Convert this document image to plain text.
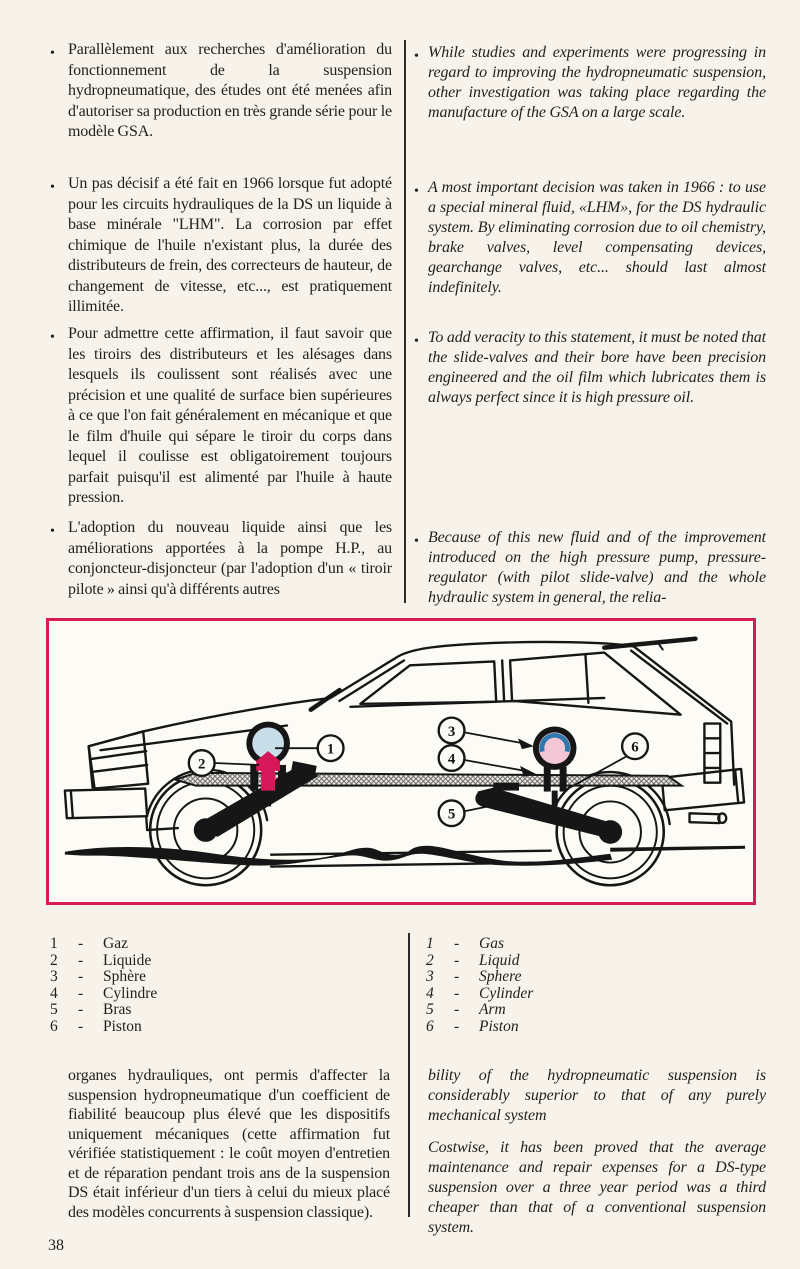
• Parallèlement aux recherches d'amélioration du fonctionnement de la suspension hydropneumatique, des études ont été menées afin d'autoriser sa production en très grande série pour le modèle GSA.

• Un pas décisif a été fait en 1966 lorsque fut adopté pour les circuits hydrauliques de la DS un liquide à base minérale "LHM". La corrosion par effet chimique de l'huile n'existant plus, la durée des distributeurs de frein, des correcteurs de hauteur, de changement de vitesse, etc..., est pratiquement illimitée.

• Pour admettre cette affirmation, il faut savoir que les tiroirs des distributeurs et les alésages dans lesquels ils coulissent sont réalisés avec une précision et une qualité de surface bien supérieures à ce que l'on fait généralement en mécanique et que le film d'huile qui sépare le tiroir du corps dans lequel il coulisse est obligatoirement toujours parfait puisqu'il est alimenté par l'huile à haute pression.

• L'adoption du nouveau liquide ainsi que les améliorations apportées à la pompe H.P., au conjoncteur-disjoncteur (par l'adoption d'un « tiroir pilote » ainsi qu'à différents autres

• While studies and experiments were progressing in regard to improving the hydropneumatic suspension, other investigation was taking place regarding the manufacture of the GSA on a large scale.

• A most important decision was taken in 1966 : to use a special mineral fluid, «LHM», for the DS hydraulic system. By eliminating corrosion due to oil chemistry, brake valves, level compensating devices, gearchange valves, etc... should last almost indefinitely.

• To add veracity to this statement, it must be noted that the slide-valves and their bore have been precision engineered and the oil film which lubricates them is always perfect since it is high pressure oil.

• Because of this new fluid and of the improvement introduced on the high pressure pump, pressure-regulator (with pilot slide-valve) and the whole hydraulic system in general, the relia-

1
2
3
4
5
6
1	-	Gaz
2	-	Liquide
3	-	Sphère
4	-	Cylindre
5	-	Bras
6	-	Piston
1	-	Gas
2	-	Liquid
3	-	Sphere
4	-	Cylinder
5	-	Arm
6	-	Piston

organes hydrauliques, ont permis d'affecter la suspension hydropneumatique d'un coefficient de fiabilité beaucoup plus élevé que les dispositifs uniquement mécaniques (cette affirmation fut vérifiée statistiquement : le coût moyen d'entretien et de réparation pendant trois ans de la suspension DS était inférieur d'un tiers à celui du mieux placé des modèles concurrents à suspension classique).

bility of the hydropneumatic suspension is considerably superior to that of any purely mechanical system

Costwise, it has been proved that the average maintenance and repair expenses for a DS-type suspension over a three year period was a third cheaper than that of a conventional suspension system.

38
